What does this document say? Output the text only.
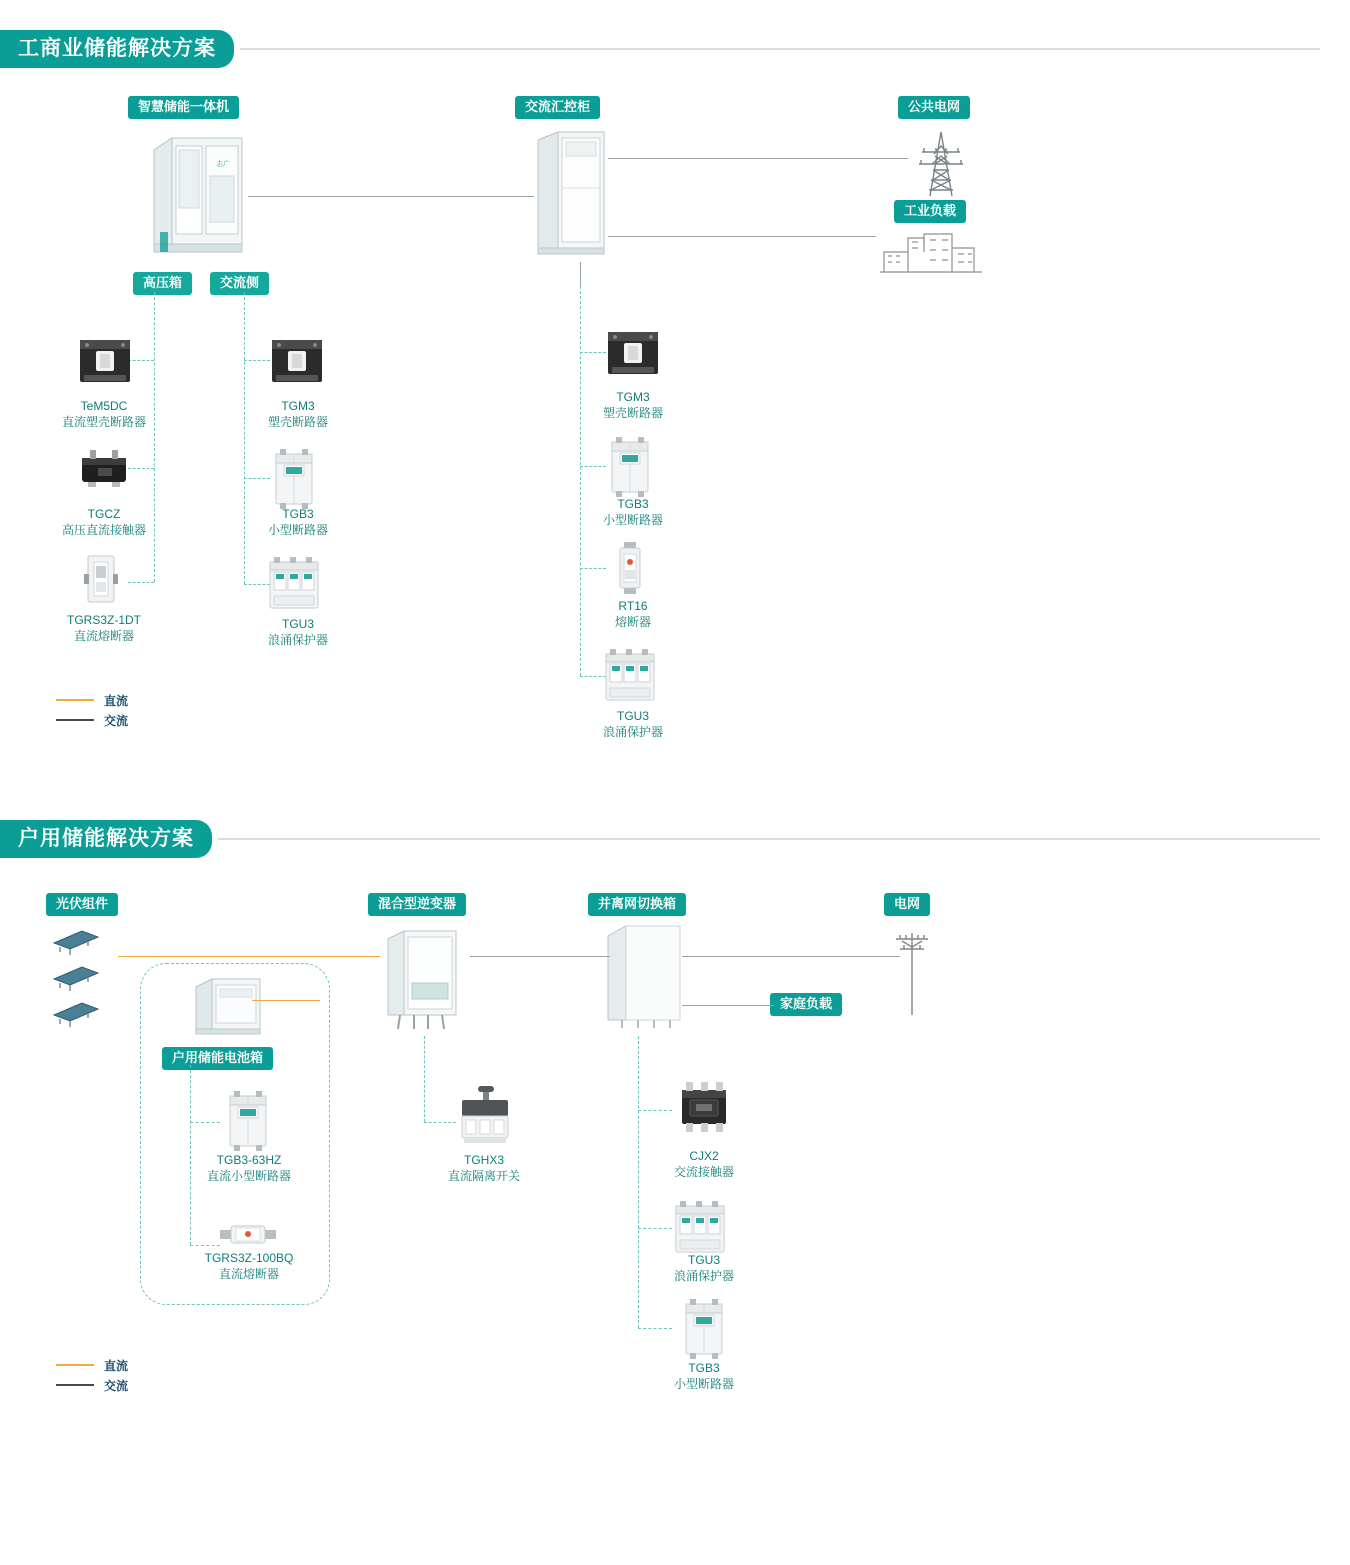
工商业储能解决方案
智慧储能一体机	交流汇控柜	公共电网
工业负载
志广
高压箱	交流侧
TeM5DC
直流塑壳断路器
TGCZ
高压直流接触器
TGRS3Z-1DT
直流熔断器
TGM3
塑壳断路器
TGB3
小型断路器
TGU3
浪涌保护器
TGM3
塑壳断路器
TGB3
小型断路器
RT16
熔断器
TGU3
浪涌保护器
直流
交流
户用储能解决方案
光伏组件	混合型逆变器	并离网切换箱	电网
家庭负载
户用储能电池箱
TGB3-63HZ
直流小型断路器
TGRS3Z-100BQ
直流熔断器
TGHX3
直流隔离开关
CJX2
交流接触器
TGU3
浪涌保护器
TGB3
小型断路器
直流
交流
